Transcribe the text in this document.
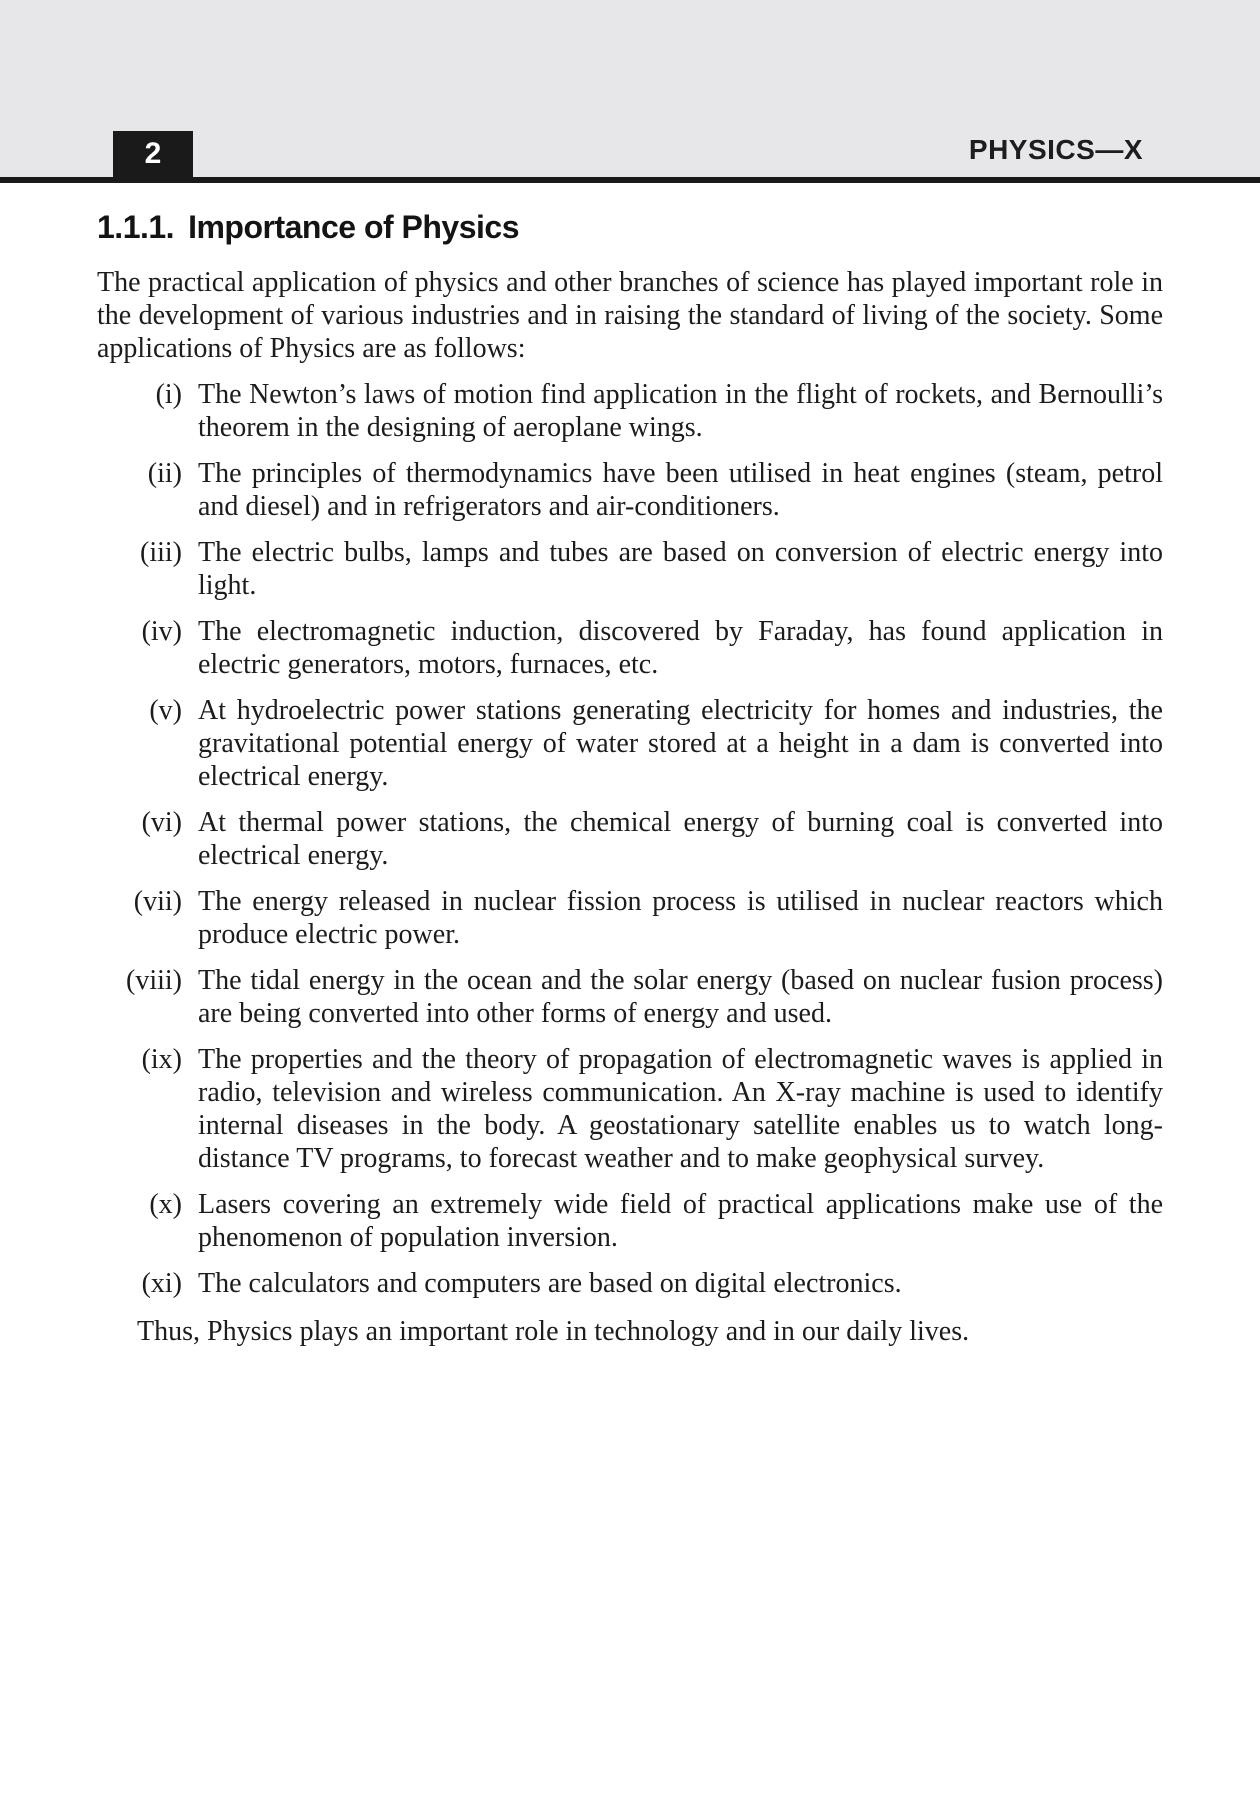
2	PHYSICS—X
1.1.1. Importance of Physics

The practical application of physics and other branches of science has played important role in the development of various industries and in raising the standard of living of the society. Some applications of Physics are as follows:

(i) The Newton’s laws of motion find application in the flight of rockets, and Bernoulli’s theorem in the designing of aeroplane wings.
(ii) The principles of thermodynamics have been utilised in heat engines (steam, petrol and diesel) and in refrigerators and air-conditioners.
(iii) The electric bulbs, lamps and tubes are based on conversion of electric energy into light.
(iv) The electromagnetic induction, discovered by Faraday, has found application in electric generators, motors, furnaces, etc.
(v) At hydroelectric power stations generating electricity for homes and industries, the gravitational potential energy of water stored at a height in a dam is converted into electrical energy.
(vi) At thermal power stations, the chemical energy of burning coal is converted into electrical energy.
(vii) The energy released in nuclear fission process is utilised in nuclear reactors which produce electric power.
(viii) The tidal energy in the ocean and the solar energy (based on nuclear fusion process) are being converted into other forms of energy and used.
(ix) The properties and the theory of propagation of electromagnetic waves is applied in radio, television and wireless communication. An X-ray machine is used to identify internal diseases in the body. A geostationary satellite enables us to watch long-distance TV programs, to forecast weather and to make geophysical survey.
(x) Lasers covering an extremely wide field of practical applications make use of the phenomenon of population inversion.
(xi) The calculators and computers are based on digital electronics.

Thus, Physics plays an important role in technology and in our daily lives.
